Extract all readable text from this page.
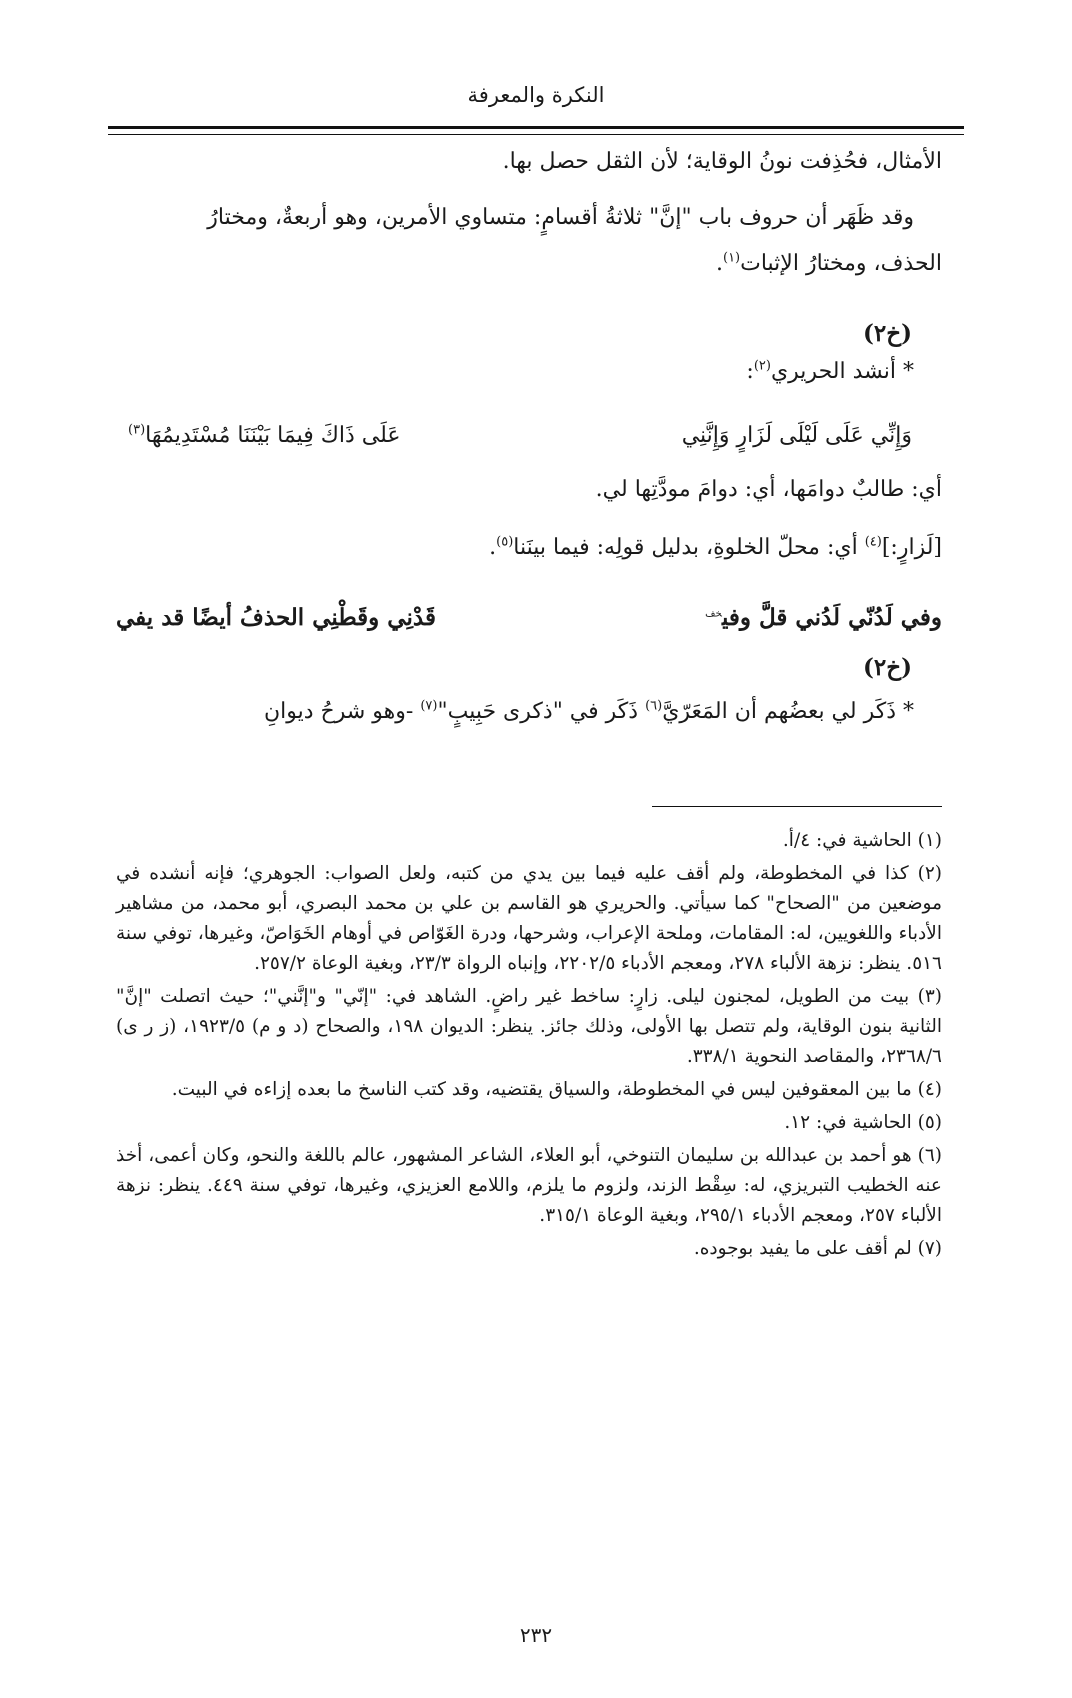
النكرة والمعرفة
الأمثال، فحُذِفت نونُ الوقاية؛ لأن الثقل حصل بها.
وقد ظَهَر أن حروف باب "إنَّ" ثلاثةُ أقسامٍ: متساوي الأمرين، وهو أربعةٌ، ومختارُ
الحذف، ومختارُ الإثبات$^{(١)}$.
(خ٢)
* أنشد الحريري$^{(٢)}$:
وَإِنِّي عَلَى لَيْلَى لَزَارٍ وَإِنَّنِي
عَلَى ذَاكَ فِيمَا بَيْنَنَا مُسْتَدِيمُهَا$^{(٣)}$
أي: طالبٌ دوامَها، أي: دوامَ مودَّتِها لي.
[لَزارٍ:]$^{(٤)}$ أي: محلّ الخلوةِ، بدليل قولِه: فيما بينَنا$^{(٥)}$.
وفي لَدُنّي لَدُني قلَّ وفي$^{خف}$
قَدْنِي وقَطْنِي الحذفُ أيضًا قد يفي
(خ٢)
* ذَكَر لي بعضُهم أن المَعَرّيَّ$^{(٦)}$ ذَكَر في "ذكرى حَبِيبٍ"$^{(٧)}$ -وهو شرحُ ديوانِ

(١) الحاشية في: ٤/أ.

(٢) كذا في المخطوطة، ولم أقف عليه فيما بين يدي من كتبه، ولعل الصواب: الجوهري؛ فإنه أنشده في موضعين من "الصحاح" كما سيأتي. والحريري هو القاسم بن علي بن محمد البصري، أبو محمد، من مشاهير الأدباء واللغويين، له: المقامات، وملحة الإعراب، وشرحها، ودرة الغَوّاص في أوهام الخَوَاصّ، وغيرها، توفي سنة ٥١٦. ينظر: نزهة الألباء ٢٧٨، ومعجم الأدباء ٢٢٠٢/٥، وإنباه الرواة ٢٣/٣، وبغية الوعاة ٢٥٧/٢.

(٣) بيت من الطويل، لمجنون ليلى. زارٍ: ساخط غير راضٍ. الشاهد في: "إنّي" و"إنَّني"؛ حيث اتصلت "إنَّ" الثانية بنون الوقاية، ولم تتصل بها الأولى، وذلك جائز. ينظر: الديوان ١٩٨، والصحاح (د و م) ١٩٢٣/٥، (ز ر ى) ٢٣٦٨/٦، والمقاصد النحوية ٣٣٨/١.

(٤) ما بين المعقوفين ليس في المخطوطة، والسياق يقتضيه، وقد كتب الناسخ ما بعده إزاءه في البيت.

(٥) الحاشية في: ١٢.

(٦) هو أحمد بن عبدالله بن سليمان التنوخي، أبو العلاء، الشاعر المشهور، عالم باللغة والنحو، وكان أعمى، أخذ عنه الخطيب التبريزي، له: سِقْط الزند، ولزوم ما يلزم، واللامع العزيزي، وغيرها، توفي سنة ٤٤٩. ينظر: نزهة الألباء ٢٥٧، ومعجم الأدباء ٢٩٥/١، وبغية الوعاة ٣١٥/١.

(٧) لم أقف على ما يفيد بوجوده.

٢٣٢
